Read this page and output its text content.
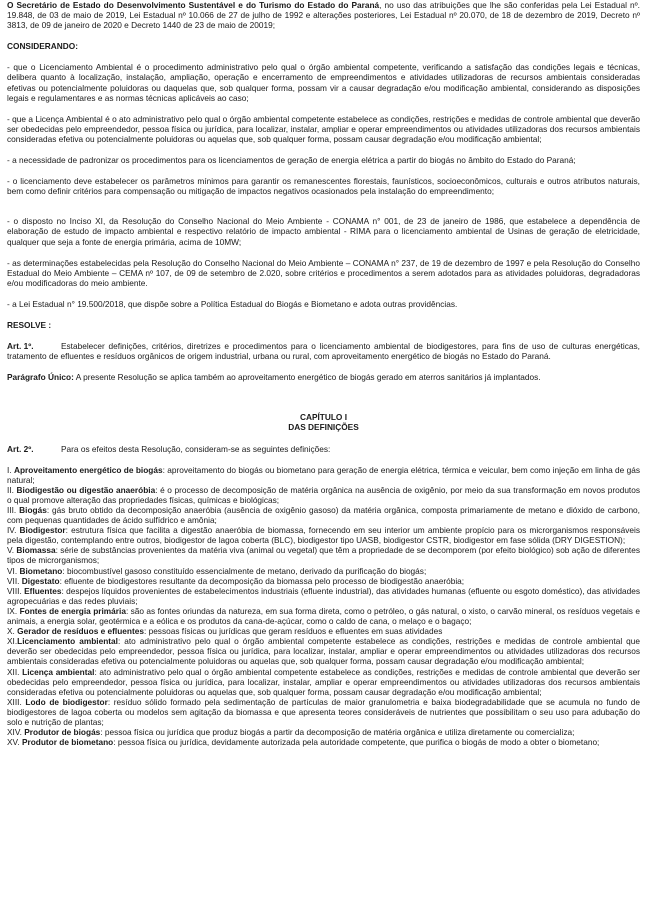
O Secretário de Estado do Desenvolvimento Sustentável e do Turismo do Estado do Paraná, no uso das atribuições que lhe são conferidas pela Lei Estadual nº. 19.848, de 03 de maio de 2019, Lei Estadual nº 10.066 de 27 de julho de 1992 e alterações posteriores, Lei Estadual nº 20.070, de 18 de dezembro de 2019, Decreto nº 3813, de 09 de janeiro de 2020 e Decreto 1440 de 23 de maio de 20019;

CONSIDERANDO:

- que o Licenciamento Ambiental é o procedimento administrativo pelo qual o órgão ambiental competente, verificando a satisfação das condições legais e técnicas, delibera quanto à localização, instalação, ampliação, operação e encerramento de empreendimentos e atividades utilizadoras de recursos ambientais consideradas efetivas ou potencialmente poluidoras ou daquelas que, sob qualquer forma, possam vir a causar degradação e/ou modificação ambiental, considerando as disposições legais e regulamentares e as normas técnicas aplicáveis ao caso;

- que a Licença Ambiental é o ato administrativo pelo qual o órgão ambiental competente estabelece as condições, restrições e medidas de controle ambiental que deverão ser obedecidas pelo empreendedor, pessoa física ou jurídica, para localizar, instalar, ampliar e operar empreendimentos ou atividades utilizadoras dos recursos ambientais consideradas efetiva ou potencialmente poluidoras ou aquelas que, sob qualquer forma, possam causar degradação e/ou modificação ambiental;

- a necessidade de padronizar os procedimentos para os licenciamentos de geração de energia elétrica a partir do biogás no âmbito do Estado do Paraná;

- o licenciamento deve estabelecer os parâmetros mínimos para garantir os remanescentes florestais, faunísticos, socioeconômicos, culturais e outros atributos naturais, bem como definir critérios para compensação ou mitigação de impactos negativos ocasionados pela instalação do empreendimento;

- o disposto no Inciso XI, da Resolução do Conselho Nacional do Meio Ambiente - CONAMA n° 001, de 23 de janeiro de 1986, que estabelece a dependência de elaboração de estudo de impacto ambiental e respectivo relatório de impacto ambiental - RIMA para o licenciamento ambiental de Usinas de geração de eletricidade, qualquer que seja a fonte de energia primária, acima de 10MW;

- as determinações estabelecidas pela Resolução do Conselho Nacional do Meio Ambiente – CONAMA n° 237, de 19 de dezembro de 1997 e pela Resolução do Conselho Estadual do Meio Ambiente – CEMA nº 107, de 09 de setembro de 2.020, sobre critérios e procedimentos a serem adotados para as atividades poluidoras, degradadoras e/ou modificadoras do meio ambiente.

- a Lei Estadual n° 19.500/2018, que dispõe sobre a Política Estadual do Biogás e Biometano e adota outras providências.

RESOLVE :

Art. 1º.	Estabelecer definições, critérios, diretrizes e procedimentos para o licenciamento ambiental de biodigestores, para fins de uso de culturas energéticas, tratamento de efluentes e resíduos orgânicos de origem industrial, urbana ou rural, com aproveitamento energético de biogás no Estado do Paraná.

Parágrafo Único: A presente Resolução se aplica também ao aproveitamento energético de biogás gerado em aterros sanitários já implantados.

CAPÍTULO I

DAS DEFINIÇÕES

Art. 2º.	Para os efeitos desta Resolução, consideram-se as seguintes definições:

I. Aproveitamento energético de biogás: aproveitamento do biogás ou biometano para geração de energia elétrica, térmica e veicular, bem como injeção em linha de gás natural;

II. Biodigestão ou digestão anaeróbia: é o processo de decomposição de matéria orgânica na ausência de oxigênio, por meio da sua transformação em novos produtos o qual promove alteração das propriedades físicas, químicas e biológicas;

III. Biogás: gás bruto obtido da decomposição anaeróbia (ausência de oxigênio gasoso) da matéria orgânica, composta primariamente de metano e dióxido de carbono, com pequenas quantidades de ácido sulfídrico e amônia;

IV. Biodigestor: estrutura física que facilita a digestão anaeróbia de biomassa, fornecendo em seu interior um ambiente propício para os microrganismos responsáveis pela digestão, contemplando entre outros, biodigestor de lagoa coberta (BLC), biodigestor tipo UASB, biodigestor CSTR, biodigestor em fase sólida (DRY DIGESTION);

V. Biomassa: série de substâncias provenientes da matéria viva (animal ou vegetal) que têm a propriedade de se decomporem (por efeito biológico) sob ação de diferentes tipos de microrganismos;

VI. Biometano: biocombustível gasoso constituído essencialmente de metano, derivado da purificação do biogás;

VII. Digestato: efluente de biodigestores resultante da decomposição da biomassa pelo processo de biodigestão anaeróbia;

VIII. Efluentes: despejos líquidos provenientes de estabelecimentos industriais (efluente industrial), das atividades humanas (efluente ou esgoto doméstico), das atividades agropecuárias e das redes pluviais;

IX. Fontes de energia primária: são as fontes oriundas da natureza, em sua forma direta, como o petróleo, o gás natural, o xisto, o carvão mineral, os resíduos vegetais e animais, a energia solar, geotérmica e a eólica e os produtos da cana-de-açúcar, como o caldo de cana, o melaço e o bagaço;

X. Gerador de resíduos e efluentes: pessoas físicas ou jurídicas que geram resíduos e efluentes em suas atividades

XI.Licenciamento ambiental: ato administrativo pelo qual o órgão ambiental competente estabelece as condições, restrições e medidas de controle ambiental que deverão ser obedecidas pelo empreendedor, pessoa física ou jurídica, para localizar, instalar, ampliar e operar empreendimentos ou atividades utilizadoras dos recursos ambientais consideradas efetiva ou potencialmente poluidoras ou aquelas que, sob qualquer forma, possam causar degradação e/ou modificação ambiental;

XII. Licença ambiental: ato administrativo pelo qual o órgão ambiental competente estabelece as condições, restrições e medidas de controle ambiental que deverão ser obedecidas pelo empreendedor, pessoa física ou jurídica, para localizar, instalar, ampliar e operar empreendimentos ou atividades utilizadoras dos recursos ambientais consideradas efetiva ou potencialmente poluidoras ou aquelas que, sob qualquer forma, possam causar degradação e/ou modificação ambiental;

XIII. Lodo de biodigestor: resíduo sólido formado pela sedimentação de partículas de maior granulometria e baixa biodegradabilidade que se acumula no fundo de biodigestores de lagoa coberta ou modelos sem agitação da biomassa e que apresenta teores consideráveis de nutrientes que possibilitam o seu uso para adubação do solo e nutrição de plantas;

XIV. Produtor de biogás: pessoa física ou jurídica que produz biogás a partir da decomposição de matéria orgânica e utiliza diretamente ou comercializa;

XV. Produtor de biometano: pessoa física ou jurídica, devidamente autorizada pela autoridade competente, que purifica o biogás de modo a obter o biometano;
